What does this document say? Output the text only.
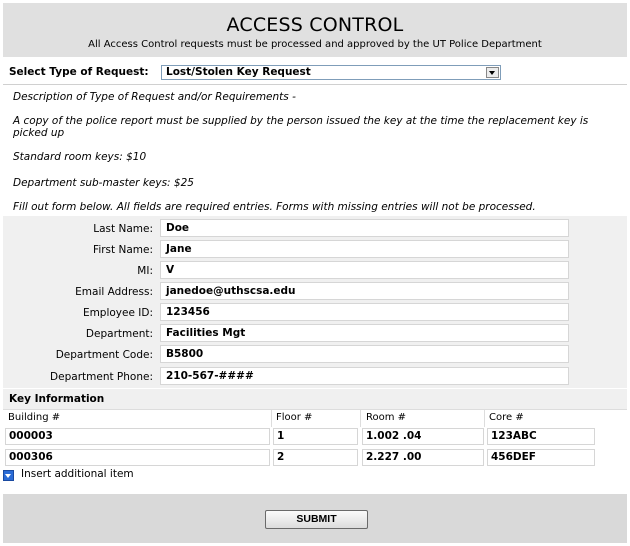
ACCESS CONTROL
All Access Control requests must be processed and approved by the UT Police Department
Select Type of Request: Lost/Stolen Key Request
Description of Type of Request and/or Requirements -
A copy of the police report must be supplied by the person issued the key at the time the replacement key is picked up
Standard room keys: $10
Department sub-master keys: $25
Fill out form below. All fields are required entries. Forms with missing entries will not be processed.
Last Name: Doe
First Name: Jane
MI: V
Email Address: janedoe@uthscsa.edu
Employee ID: 123456
Department: Facilities Mgt
Department Code: B5800
Department Phone: 210-567-####
Key Information
Building #	Floor #	Room #	Core #
000003	1	1.002 .04	123ABC
000306	2	2.227 .00	456DEF
Insert additional item
SUBMIT
